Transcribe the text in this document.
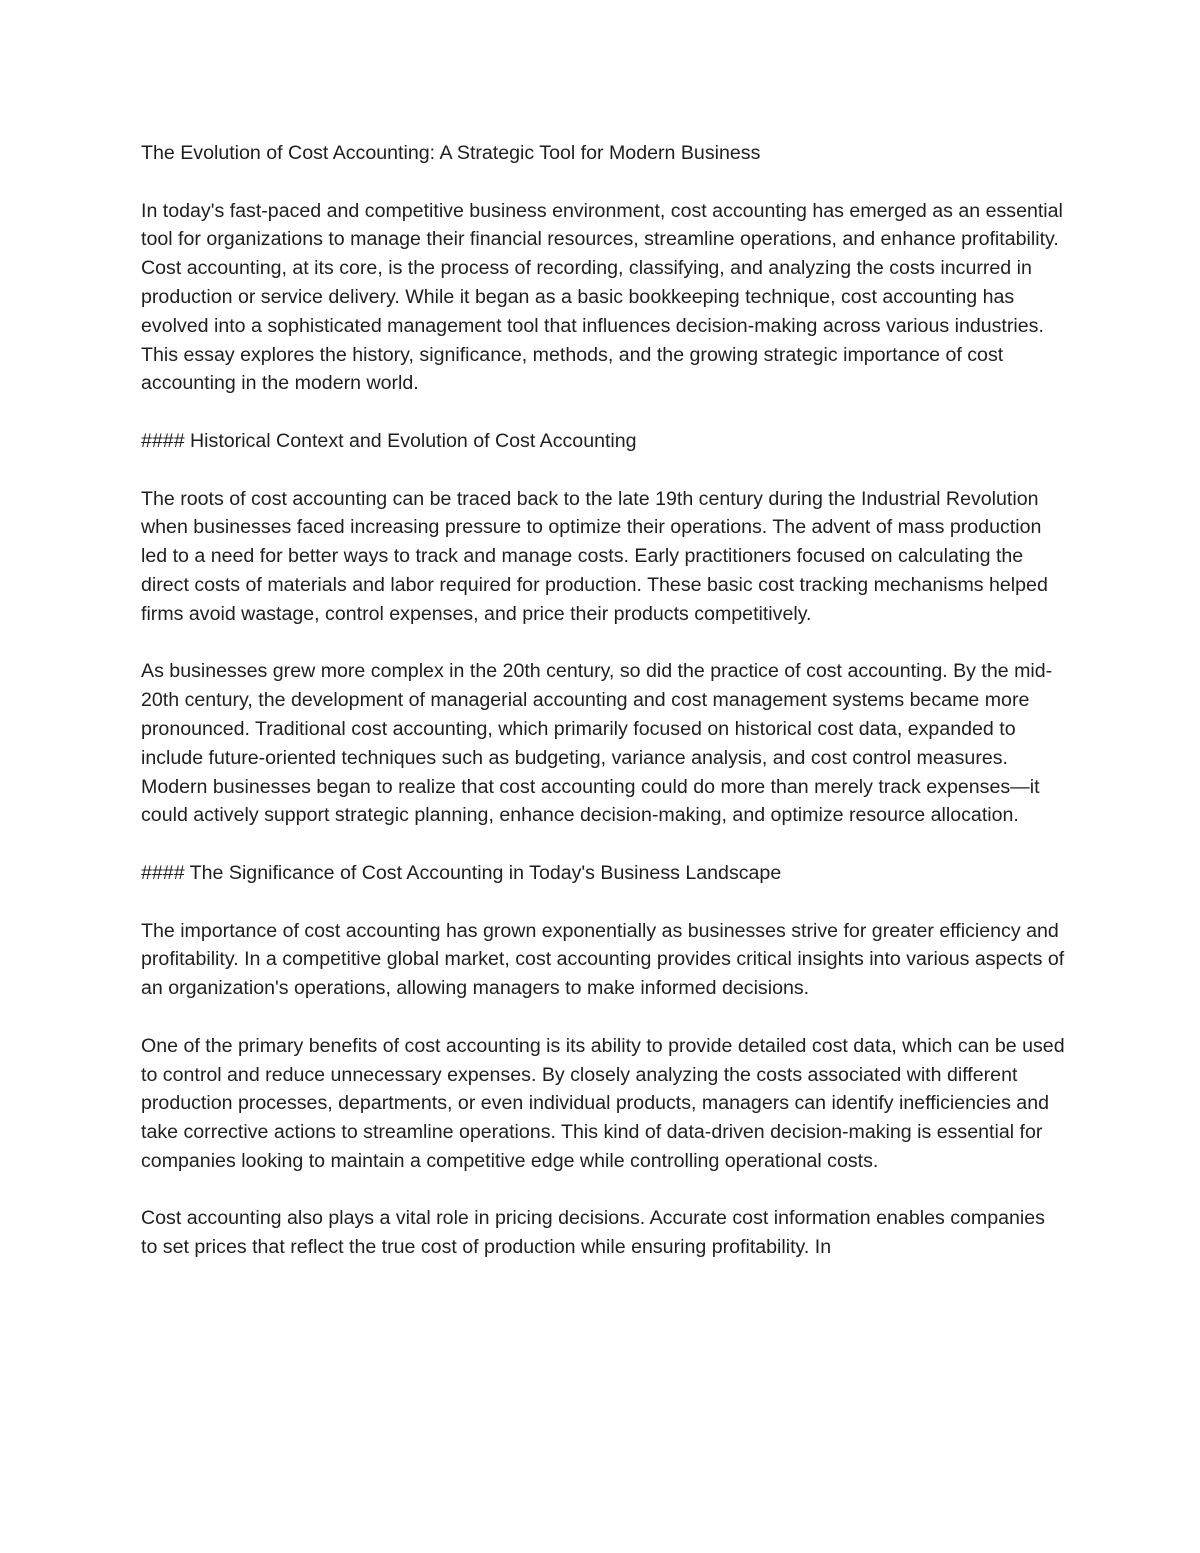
The Evolution of Cost Accounting: A Strategic Tool for Modern Business

In today's fast-paced and competitive business environment, cost accounting has emerged as an essential tool for organizations to manage their financial resources, streamline operations, and enhance profitability. Cost accounting, at its core, is the process of recording, classifying, and analyzing the costs incurred in production or service delivery. While it began as a basic bookkeeping technique, cost accounting has evolved into a sophisticated management tool that influences decision-making across various industries. This essay explores the history, significance, methods, and the growing strategic importance of cost accounting in the modern world.

#### Historical Context and Evolution of Cost Accounting

The roots of cost accounting can be traced back to the late 19th century during the Industrial Revolution when businesses faced increasing pressure to optimize their operations. The advent of mass production led to a need for better ways to track and manage costs. Early practitioners focused on calculating the direct costs of materials and labor required for production. These basic cost tracking mechanisms helped firms avoid wastage, control expenses, and price their products competitively.

As businesses grew more complex in the 20th century, so did the practice of cost accounting. By the mid-20th century, the development of managerial accounting and cost management systems became more pronounced. Traditional cost accounting, which primarily focused on historical cost data, expanded to include future-oriented techniques such as budgeting, variance analysis, and cost control measures. Modern businesses began to realize that cost accounting could do more than merely track expenses—it could actively support strategic planning, enhance decision-making, and optimize resource allocation.

#### The Significance of Cost Accounting in Today's Business Landscape

The importance of cost accounting has grown exponentially as businesses strive for greater efficiency and profitability. In a competitive global market, cost accounting provides critical insights into various aspects of an organization's operations, allowing managers to make informed decisions.

One of the primary benefits of cost accounting is its ability to provide detailed cost data, which can be used to control and reduce unnecessary expenses. By closely analyzing the costs associated with different production processes, departments, or even individual products, managers can identify inefficiencies and take corrective actions to streamline operations. This kind of data-driven decision-making is essential for companies looking to maintain a competitive edge while controlling operational costs.

Cost accounting also plays a vital role in pricing decisions. Accurate cost information enables companies to set prices that reflect the true cost of production while ensuring profitability. In
